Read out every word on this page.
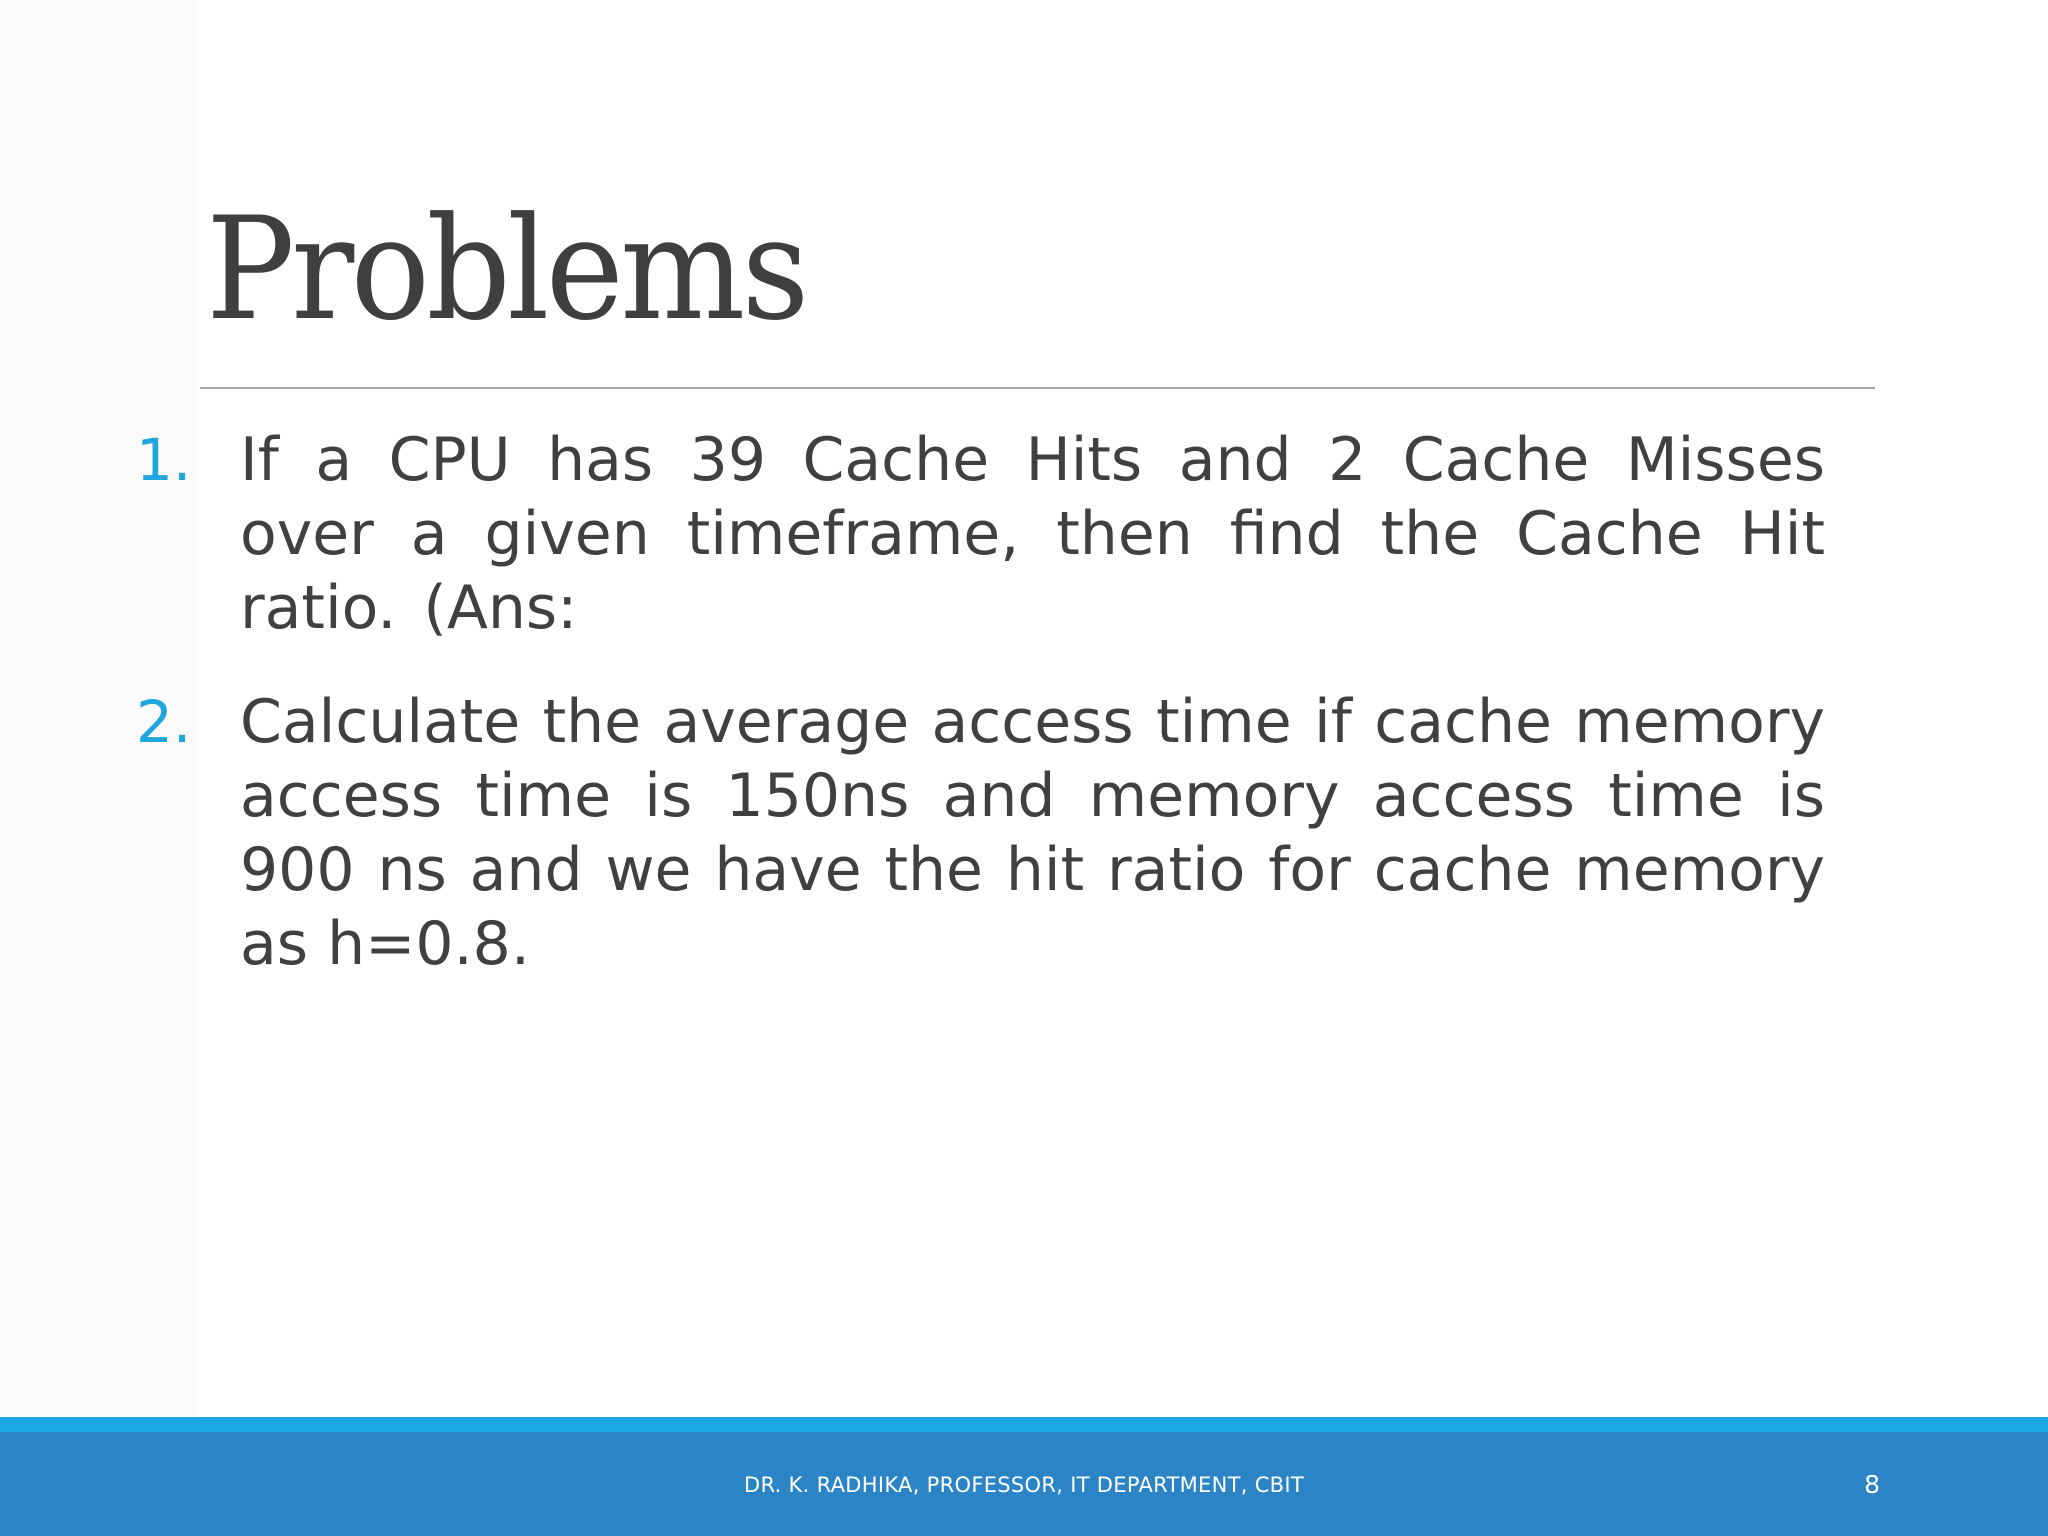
Problems
1. If a CPU has 39 Cache Hits and 2 Cache Misses over a given timeframe, then find the Cache Hit ratio. (Ans:
2. Calculate the average access time if cache memory access time is 150ns and memory access time is 900 ns and we have the hit ratio for cache memory as h=0.8.
DR. K. RADHIKA, PROFESSOR, IT DEPARTMENT, CBIT	8
